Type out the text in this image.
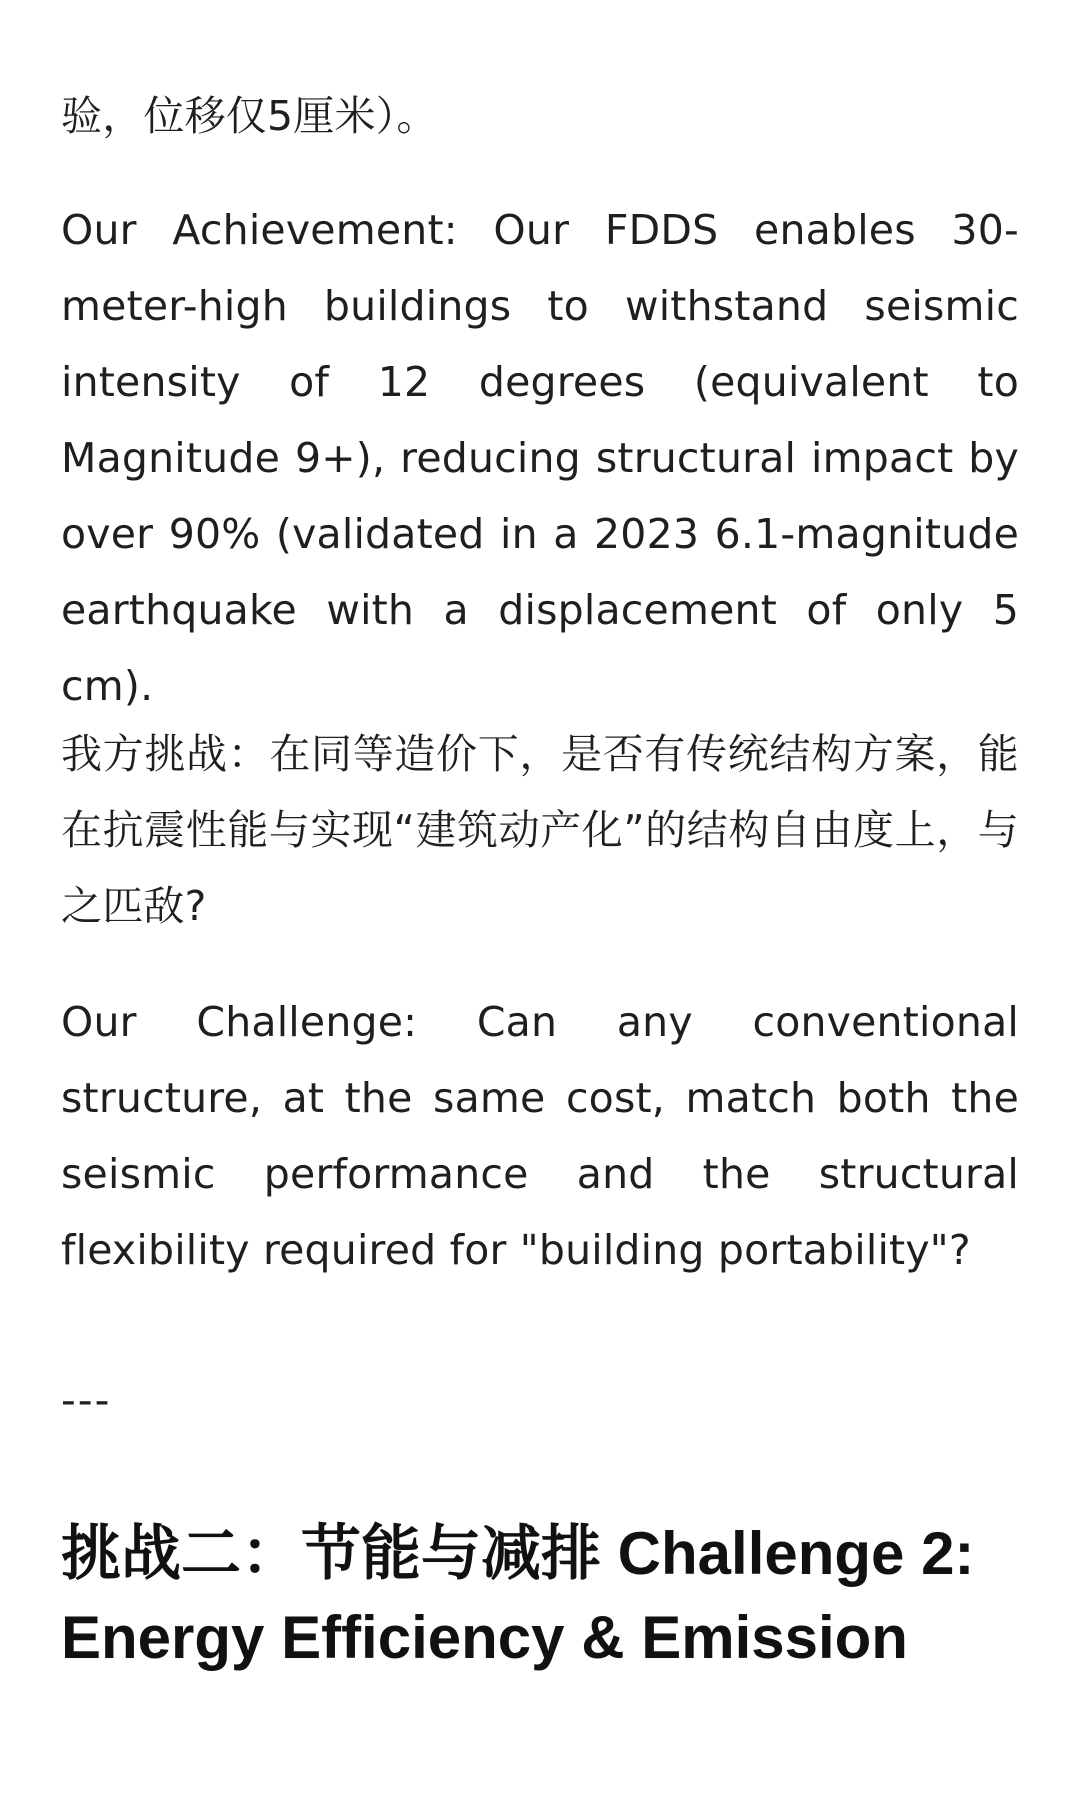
验，位移仅5厘米）。

Our Achievement: Our FDDS enables 30-meter-high buildings to withstand seismic intensity of 12 degrees (equivalent to Magnitude 9+), reducing structural impact by over 90% (validated in a 2023 6.1-magnitude earthquake with a displacement of only 5 cm).

我方挑战：在同等造价下，是否有传统结构方案，能在抗震性能与实现“建筑动产化”的结构自由度上，与之匹敌?

Our Challenge: Can any conventional structure, at the same cost, match both the seismic performance and the structural flexibility required for "building portability"?

---

挑战二：节能与减排 Challenge 2: Energy Efficiency & Emission
